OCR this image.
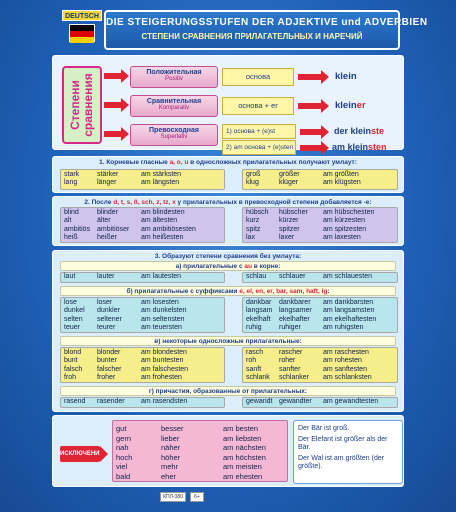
DEUTSCH
DIE STEIGERUNGSSTUFEN DER ADJEKTIVE und ADVERBIEN
СТЕПЕНИ СРАВНЕНИЯ ПРИЛАГАТЕЛЬНЫХ И НАРЕЧИЙ
Степени сравнения
Положительная
Positiv	основа	klein
Сравнительная
Komparativ	основа + er	kleiner
Превосходная
Superlativ
1) основа + (e)st
2) am основа + (e)sten
der kleinste
am kleinsten
1. Корневые гласные a, o, u в односложных прилагательных получают умлаут:
stark	stärker	am stärksten
lang	länger	am längsten
groß	größer	am größten
klug	klüger	am klügsten
2. После d, t, s, ß, sch, z, tz, x у прилагательных в превосходной степени добавляется -e:
blind	blinder	am blindesten
alt	älter	am ältesten
ambitiös ambitiöser	am ambitiösesten
heiß	heißer	am heißesten
hübsch	hübscher	am hübschesten
kurz	kürzer	am kürzesten
spitz	spitzer	am spitzesten
lax	laxer	am laxesten
3. Образуют степени сравнения без умлаута:
а) прилагательные с au в корне:
laut	lauter	am lautesten	schlau	schlauer	am schlauesten
б) прилагательные с суффиксами e, el, en, er, bar, sam, haft, ig:
lose	loser	am losesten
dunkel	dunkler	am dunkelsten
selten	seltener	am seltensten
teuer	teurer	am teuersten
dankbar	dankbarer	am dankbarsten
langsam langsamer	am langsamsten
ekelhaft	ekelhafter	am ekelhaftesten
ruhig	ruhiger	am ruhigsten
в) некоторые односложные прилагательные:
blond	blonder	am blondesten
bunt	bunter	am buntesten
falsch	falscher	am falschesten
froh	froher	am frohesten
rasch	rascher	am raschesten
roh	roher	am rohesten
sanft	sanfter	am sanftesten
schlank	schlanker	am schlanksten
г) причастия, образованные от прилагательных:
rasend	rasender	am rasendsten	gewandt gewandter	am gewandtesten
ИСКЛЮЧЕНИЯ
gut	besser	am besten
gern	lieber	am liebsten
nah	näher	am nächsten
hoch	höher	am höchsten
viel	mehr	am meisten
bald	eher	am ehesten
Der Bär ist groß.
Der Elefant ist größer als der Bär.
Der Wal ist am größten (der größte).
КПЛ-380	6+
